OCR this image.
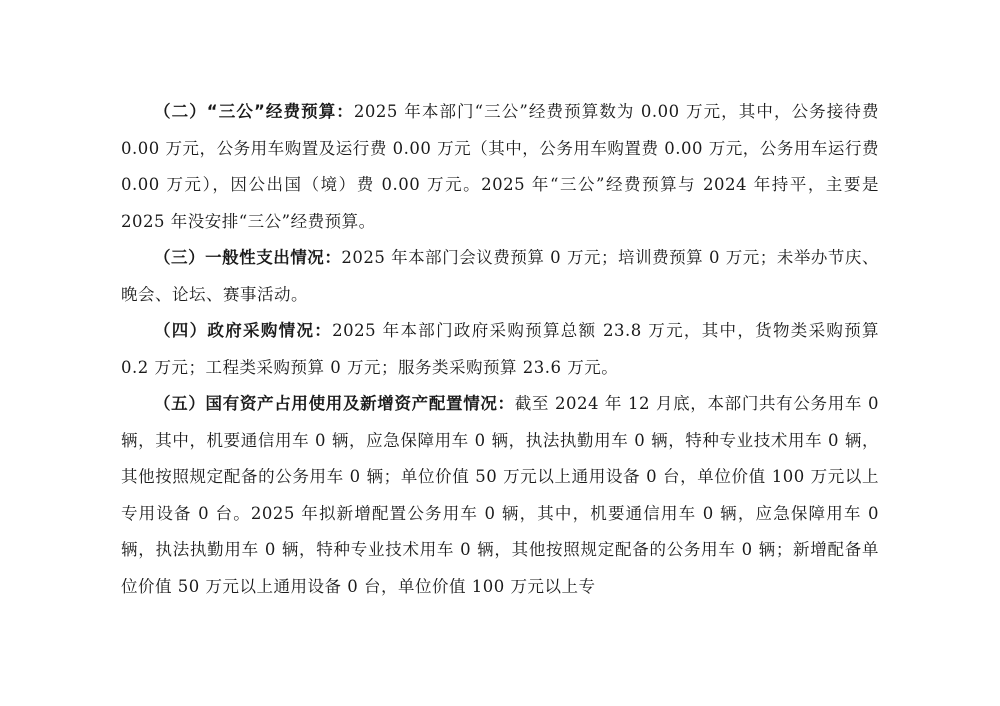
（二）“三公”经费预算：2025 年本部门“三公”经费预算数为 0.00 万元，其中，公务接待费 0.00 万元，公务用车购置及运行费 0.00 万元（其中，公务用车购置费 0.00 万元，公务用车运行费 0.00 万元），因公出国（境）费 0.00 万元。2025 年“三公”经费预算与 2024 年持平，主要是 2025 年没安排“三公”经费预算。

（三）一般性支出情况：2025 年本部门会议费预算 0 万元；培训费预算 0 万元；未举办节庆、晚会、论坛、赛事活动。

（四）政府采购情况：2025 年本部门政府采购预算总额 23.8 万元，其中，货物类采购预算 0.2 万元；工程类采购预算 0 万元；服务类采购预算 23.6 万元。

（五）国有资产占用使用及新增资产配置情况：截至 2024 年 12 月底，本部门共有公务用车 0 辆，其中，机要通信用车 0 辆，应急保障用车 0 辆，执法执勤用车 0 辆，特种专业技术用车 0 辆，其他按照规定配备的公务用车 0 辆；单位价值 50 万元以上通用设备 0 台，单位价值 100 万元以上专用设备 0 台。2025 年拟新增配置公务用车 0 辆，其中，机要通信用车 0 辆，应急保障用车 0 辆，执法执勤用车 0 辆，特种专业技术用车 0 辆，其他按照规定配备的公务用车 0 辆；新增配备单位价值 50 万元以上通用设备 0 台，单位价值 100 万元以上专
